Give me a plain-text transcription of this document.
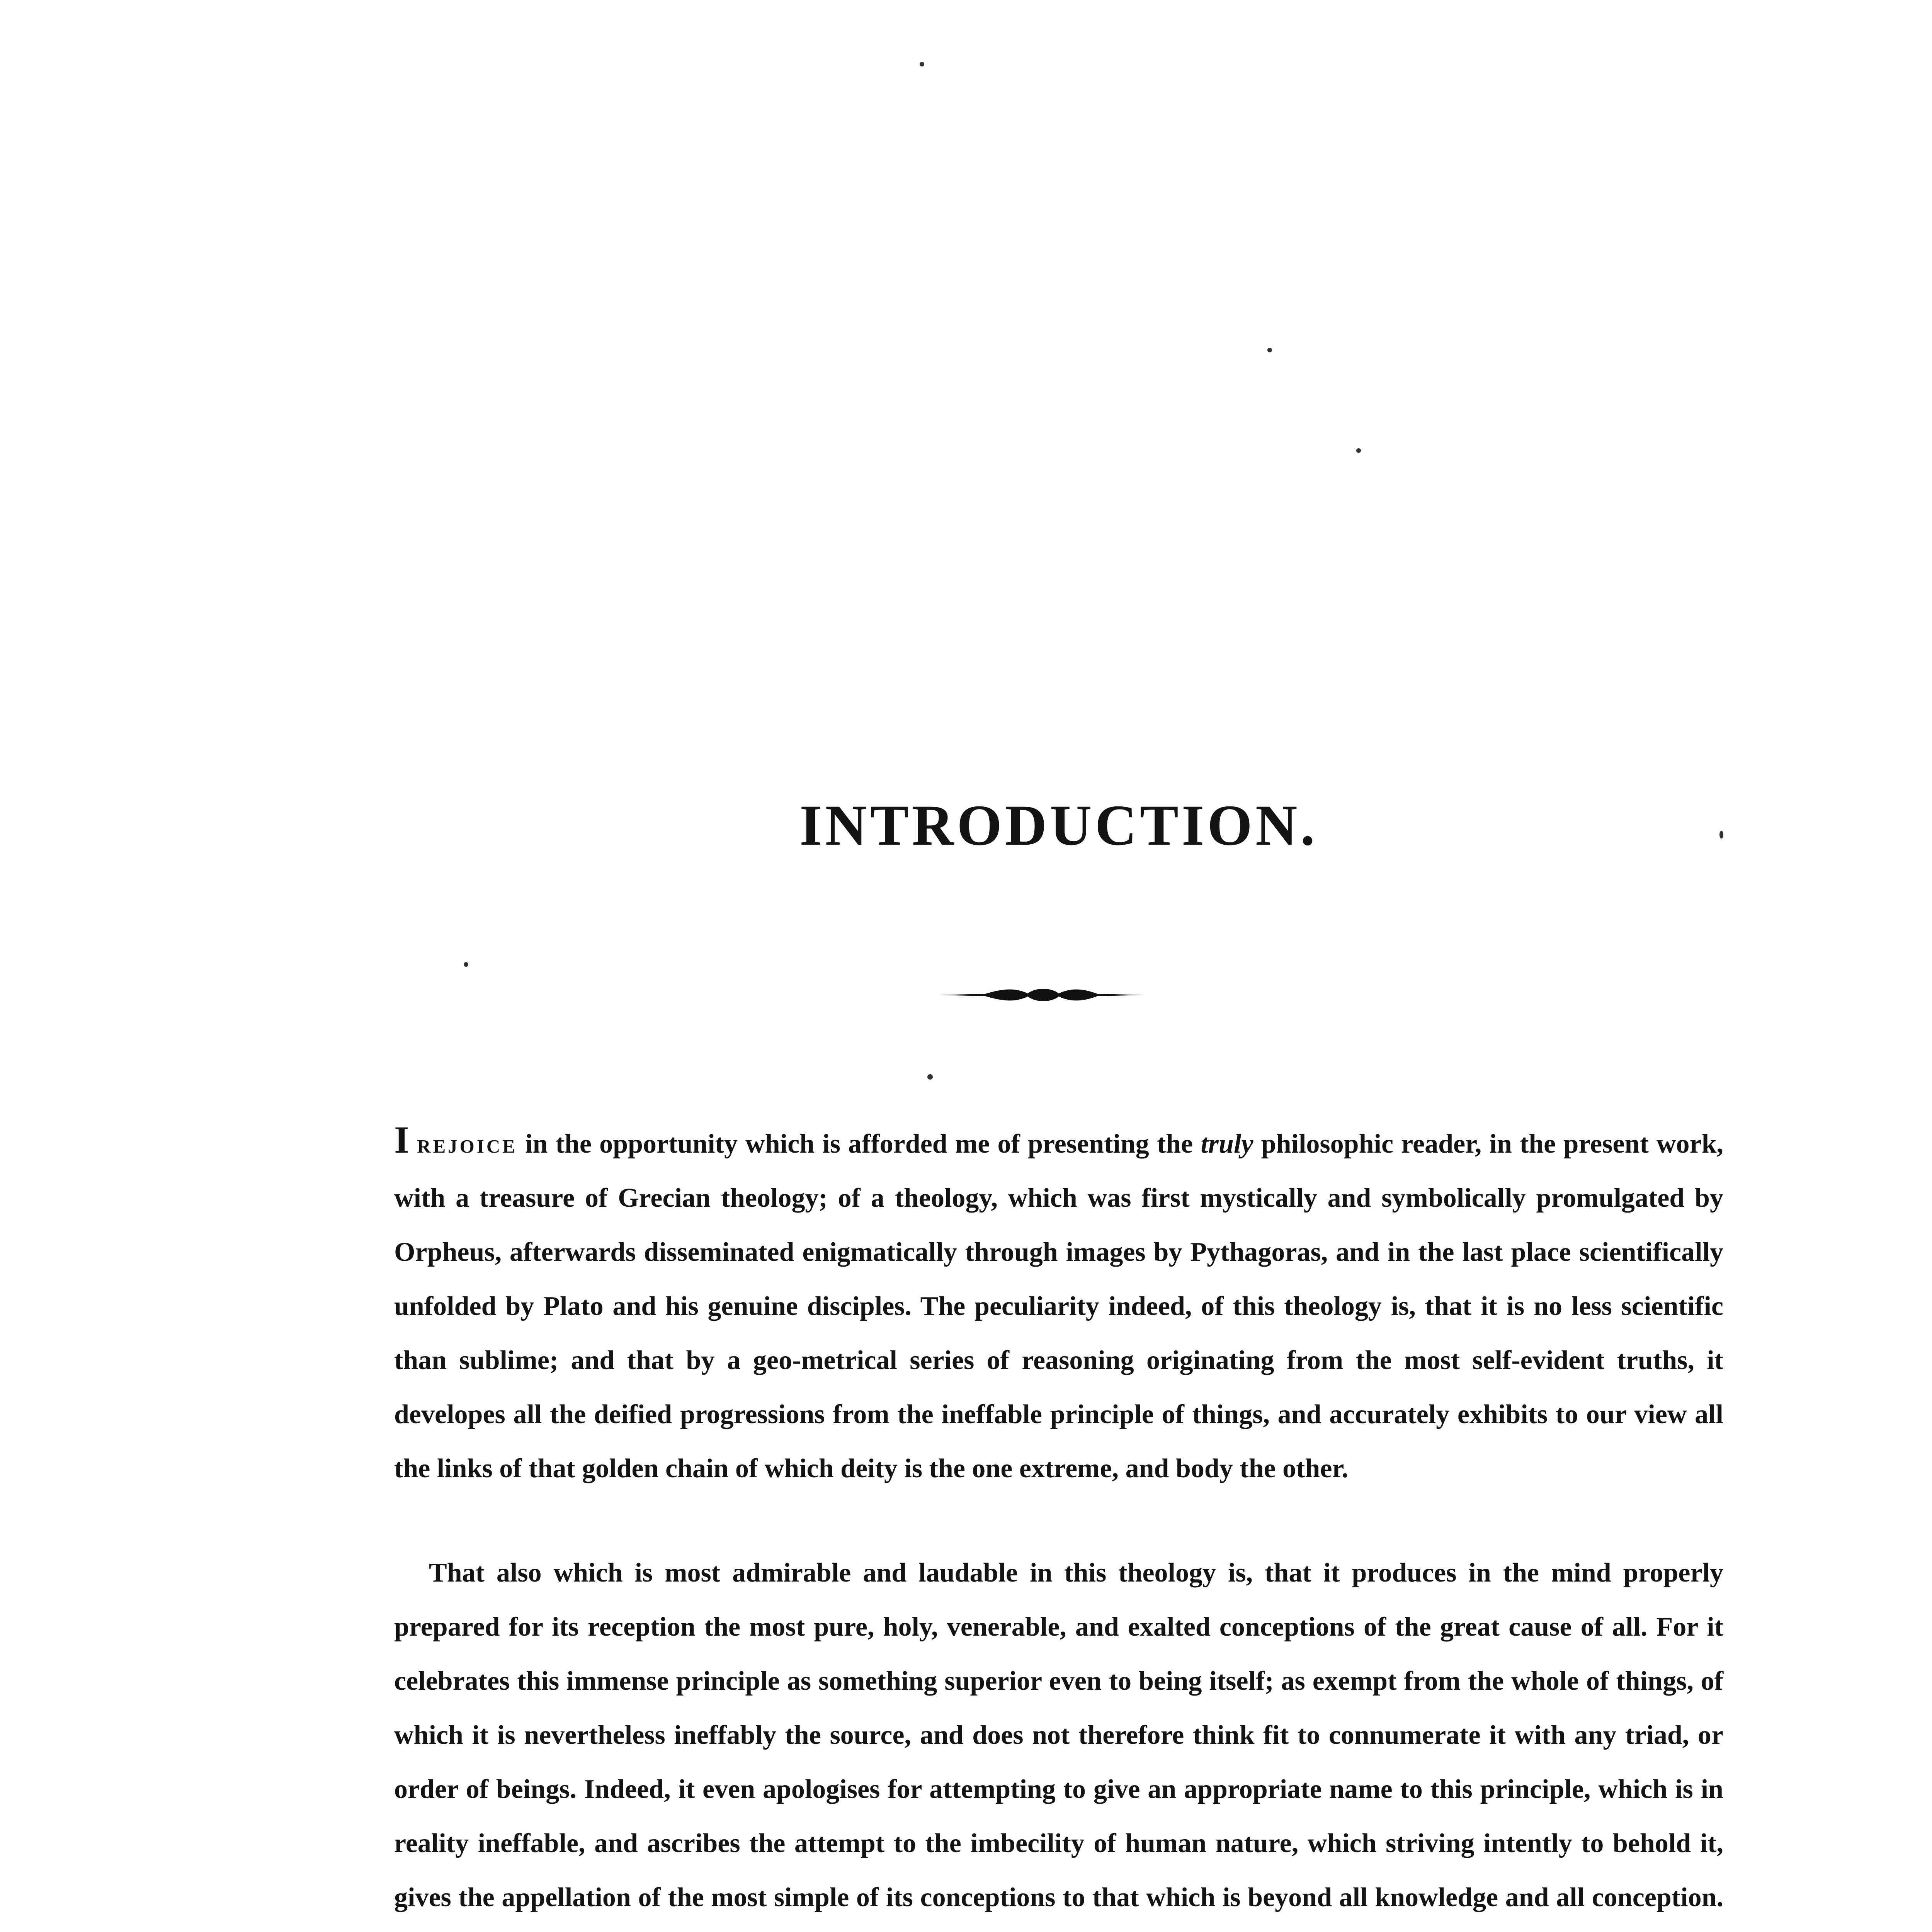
INTRODUCTION.

I rejoice in the opportunity which is afforded me of presenting the truly philosophic reader, in the present work, with a treasure of Grecian theology; of a theology, which was first mystically and symbolically promulgated by Orpheus, afterwards disseminated enigmatically through images by Pythagoras, and in the last place scientifically unfolded by Plato and his genuine disciples. The peculiarity indeed, of this theology is, that it is no less scientific than sublime; and that by a geo-metrical series of reasoning originating from the most self-evident truths, it developes all the deified progressions from the ineffable principle of things, and accurately exhibits to our view all the links of that golden chain of which deity is the one extreme, and body the other.

That also which is most admirable and laudable in this theology is, that it produces in the mind properly prepared for its reception the most pure, holy, venerable, and exalted conceptions of the great cause of all. For it celebrates this immense principle as something superior even to being itself; as exempt from the whole of things, of which it is nevertheless ineffably the source, and does not therefore think fit to connumerate it with any triad, or order of beings. Indeed, it even apologises for attempting to give an appropriate name to this principle, which is in reality ineffable, and ascribes the attempt to the imbecility of human nature, which striving intently to behold it, gives the appellation of the most simple of its conceptions to that which is beyond all knowledge and all conception.
